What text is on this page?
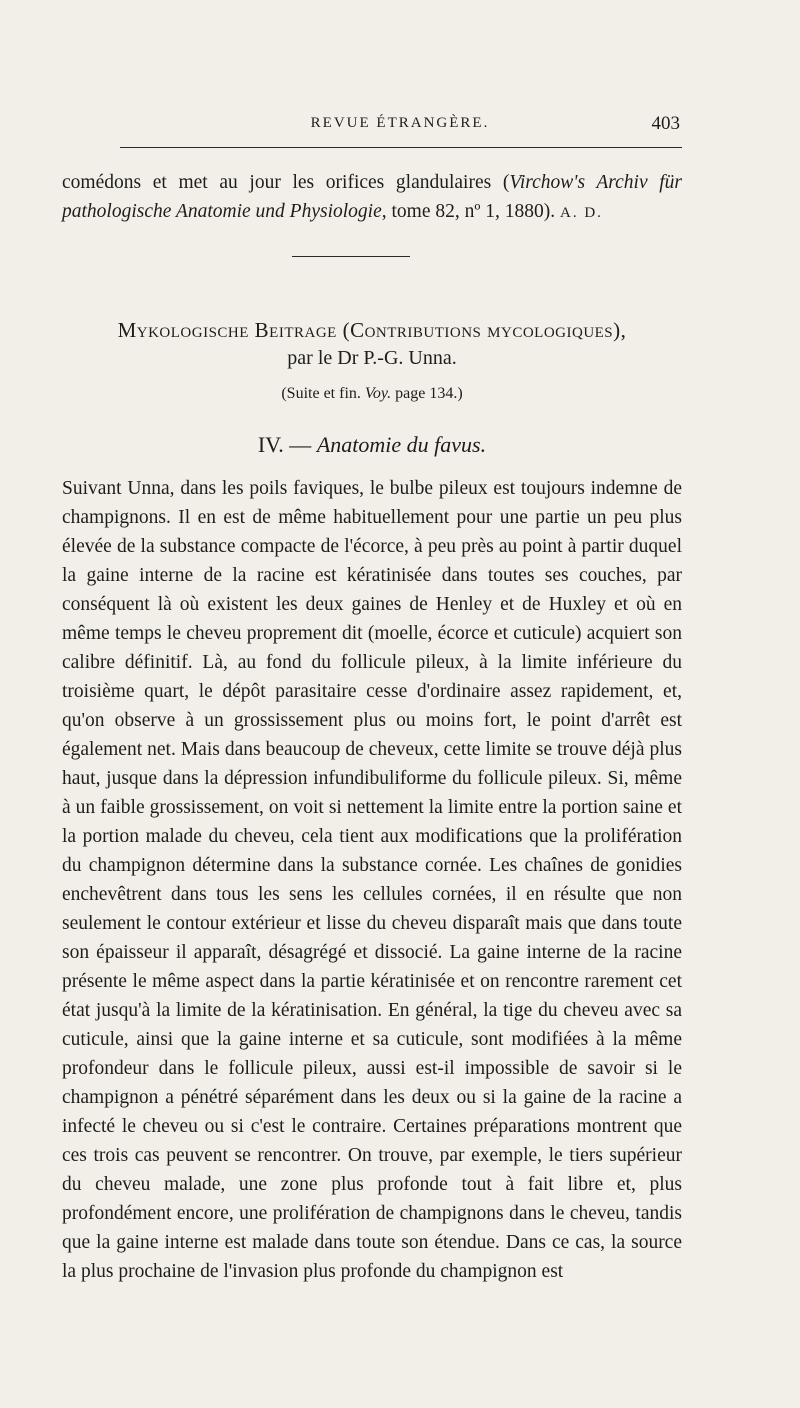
REVUE ÉTRANGÈRE.	403

comédons et met au jour les orifices glandulaires (Virchow's Archiv für pathologische Anatomie und Physiologie, tome 82, nº 1, 1880). A. D.

Mykologische Beitrage (Contributions mycologiques),
par le Dr P.-G. Unna.
(Suite et fin. Voy. page 134.)
IV. — Anatomie du favus.

Suivant Unna, dans les poils faviques, le bulbe pileux est toujours indemne de champignons. Il en est de même habituellement pour une partie un peu plus élevée de la substance compacte de l'écorce, à peu près au point à partir duquel la gaine interne de la racine est kératinisée dans toutes ses couches, par conséquent là où existent les deux gaines de Henley et de Huxley et où en même temps le cheveu proprement dit (moelle, écorce et cuticule) acquiert son calibre définitif. Là, au fond du follicule pileux, à la limite inférieure du troisième quart, le dépôt parasitaire cesse d'ordinaire assez rapidement, et, qu'on observe à un grossissement plus ou moins fort, le point d'arrêt est également net. Mais dans beaucoup de cheveux, cette limite se trouve déjà plus haut, jusque dans la dépression infundibuliforme du follicule pileux. Si, même à un faible grossissement, on voit si nettement la limite entre la portion saine et la portion malade du cheveu, cela tient aux modifications que la prolifération du champignon détermine dans la substance cornée. Les chaînes de gonidies enchevêtrent dans tous les sens les cellules cornées, il en résulte que non seulement le contour extérieur et lisse du cheveu disparaît mais que dans toute son épaisseur il apparaît, désagrégé et dissocié. La gaine interne de la racine présente le même aspect dans la partie kératinisée et on rencontre rarement cet état jusqu'à la limite de la kératinisation. En général, la tige du cheveu avec sa cuticule, ainsi que la gaine interne et sa cuticule, sont modifiées à la même profondeur dans le follicule pileux, aussi est-il impossible de savoir si le champignon a pénétré séparément dans les deux ou si la gaine de la racine a infecté le cheveu ou si c'est le contraire. Certaines préparations montrent que ces trois cas peuvent se rencontrer. On trouve, par exemple, le tiers supérieur du cheveu malade, une zone plus profonde tout à fait libre et, plus profondément encore, une prolifération de champignons dans le cheveu, tandis que la gaine interne est malade dans toute son étendue. Dans ce cas, la source la plus prochaine de l'invasion plus profonde du champignon est
